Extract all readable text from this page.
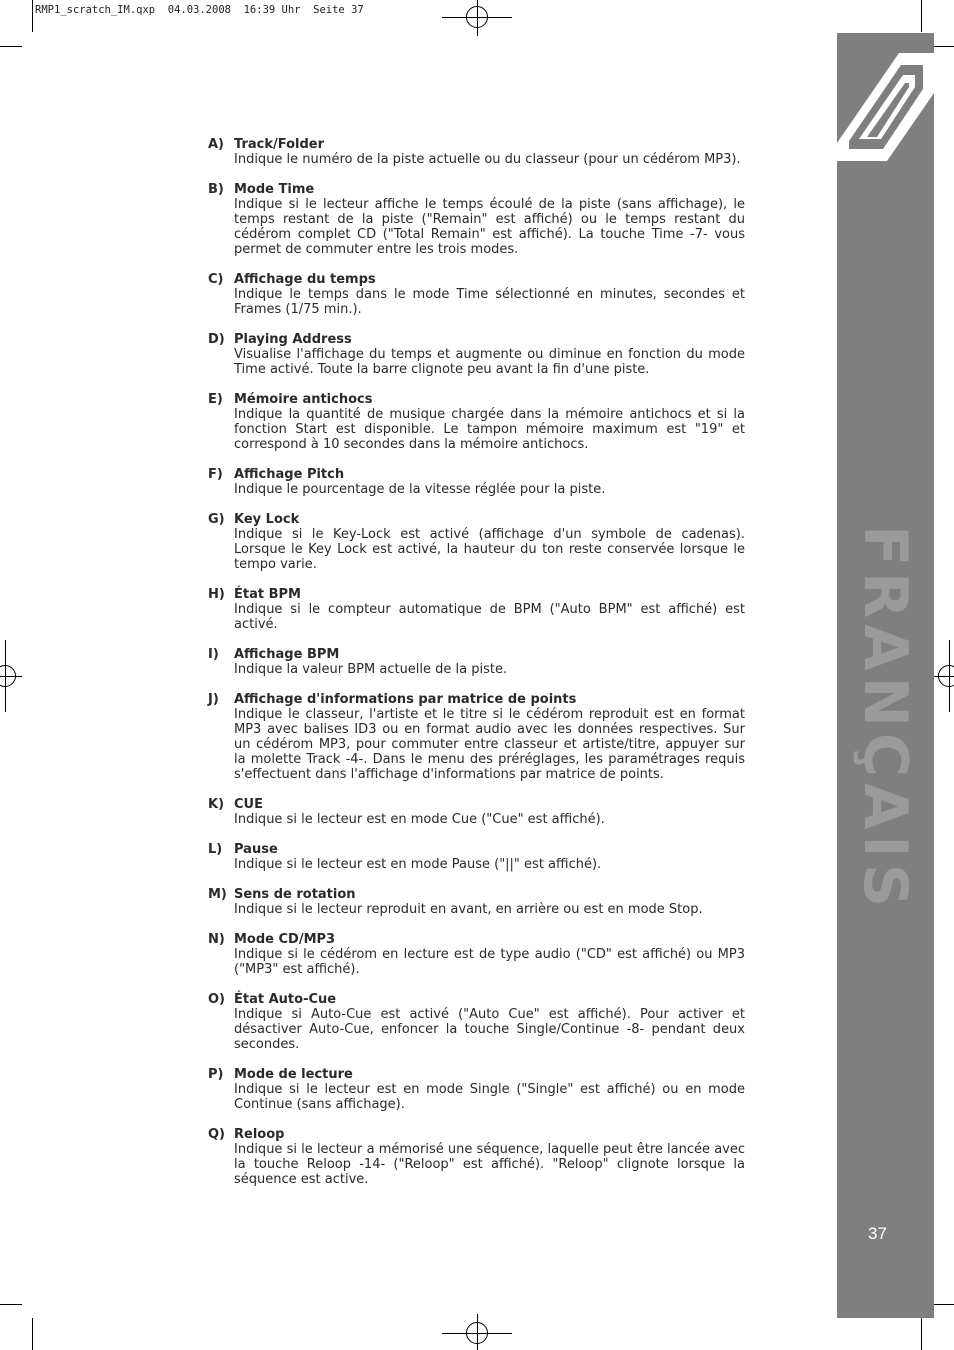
RMP1_scratch_IM.qxp  04.03.2008  16:39 Uhr  Seite 37
FRANÇAIS
37
A) Track/Folder
Indique le numéro de la piste actuelle ou du classeur (pour un cédérom MP3).
B) Mode Time
Indique si le lecteur affiche le temps écoulé de la piste (sans affichage), le temps restant de la piste ("Remain" est affiché) ou le temps restant du cédérom complet CD ("Total Remain" est affiché). La touche Time -7- vous permet de commuter entre les trois modes.
C) Affichage du temps
Indique le temps dans le mode Time sélectionné en minutes, secondes et Frames (1/75 min.).
D) Playing Address
Visualise l'affichage du temps et augmente ou diminue en fonction du mode Time activé. Toute la barre clignote peu avant la fin d'une piste.
E) Mémoire antichocs
Indique la quantité de musique chargée dans la mémoire antichocs et si la fonction Start est disponible. Le tampon mémoire maximum est "19" et correspond à 10 secondes dans la mémoire antichocs.
F) Affichage Pitch
Indique le pourcentage de la vitesse réglée pour la piste.
G) Key Lock
Indique si le Key-Lock est activé (affichage d'un symbole de cadenas). Lorsque le Key Lock est activé, la hauteur du ton reste conservée lorsque le tempo varie.
H) État BPM
Indique si le compteur automatique de BPM ("Auto BPM" est affiché) est activé.
I) Affichage BPM
Indique la valeur BPM actuelle de la piste.
J) Affichage d'informations par matrice de points
Indique le classeur, l'artiste et le titre si le cédérom reproduit est en format MP3 avec balises ID3 ou en format audio avec les données respectives. Sur un cédérom MP3, pour commuter entre classeur et artiste/titre, appuyer sur la molette Track -4-. Dans le menu des préréglages, les paramétrages requis s'effectuent dans l'affichage d'informations par matrice de points.
K) CUE
Indique si le lecteur est en mode Cue ("Cue" est affiché).
L) Pause
Indique si le lecteur est en mode Pause ("||" est affiché).
M) Sens de rotation
Indique si le lecteur reproduit en avant, en arrière ou est en mode Stop.
N) Mode CD/MP3
Indique si le cédérom en lecture est de type audio ("CD" est affiché) ou MP3 ("MP3" est affiché).
O) État Auto-Cue
Indique si Auto-Cue est activé ("Auto Cue" est affiché). Pour activer et désactiver Auto-Cue, enfoncer la touche Single/Continue -8- pendant deux secondes.
P) Mode de lecture
Indique si le lecteur est en mode Single ("Single" est affiché) ou en mode Continue (sans affichage).
Q) Reloop
Indique si le lecteur a mémorisé une séquence, laquelle peut être lancée avec la touche Reloop -14- ("Reloop" est affiché). "Reloop" clignote lorsque la séquence est active.
